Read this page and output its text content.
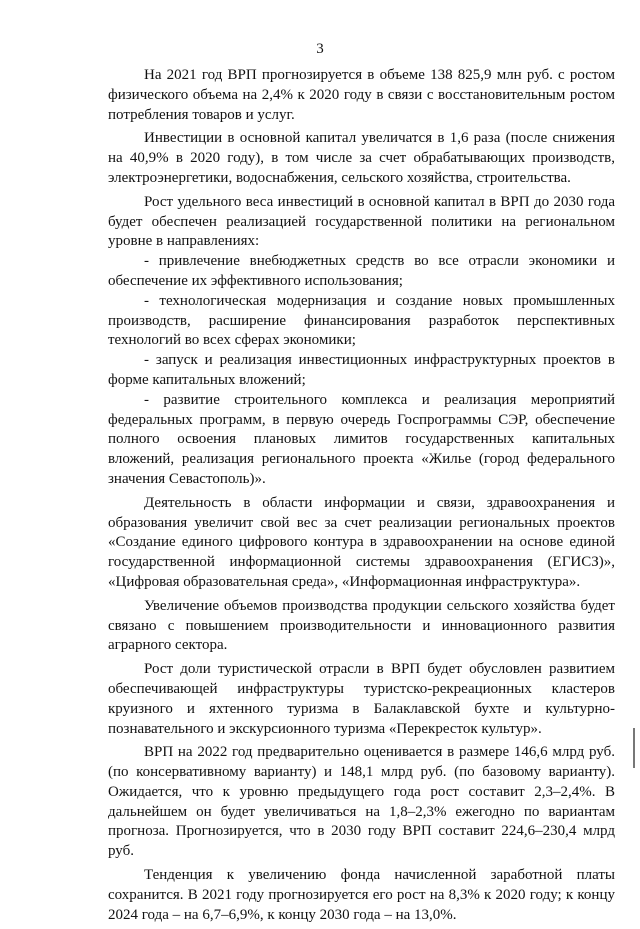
3

На 2021 год ВРП прогнозируется в объеме 138 825,9 млн руб. с ростом физического объема на 2,4% к 2020 году в связи с восстановительным ростом потребления товаров и услуг.

Инвестиции в основной капитал увеличатся в 1,6 раза (после снижения на 40,9% в 2020 году), в том числе за счет обрабатывающих производств, электроэнергетики, водоснабжения, сельского хозяйства, строительства.

Рост удельного веса инвестиций в основной капитал в ВРП до 2030 года будет обеспечен реализацией государственной политики на региональном уровне в направлениях:

- привлечение внебюджетных средств во все отрасли экономики и обеспечение их эффективного использования;

- технологическая модернизация и создание новых промышленных производств, расширение финансирования разработок перспективных технологий во всех сферах экономики;

- запуск и реализация инвестиционных инфраструктурных проектов в форме капитальных вложений;

- развитие строительного комплекса и реализация мероприятий федеральных программ, в первую очередь Госпрограммы СЭР, обеспечение полного освоения плановых лимитов государственных капитальных вложений, реализация регионального проекта «Жилье (город федерального значения Севастополь)».

Деятельность в области информации и связи, здравоохранения и образования увеличит свой вес за счет реализации региональных проектов «Создание единого цифрового контура в здравоохранении на основе единой государственной информационной системы здравоохранения (ЕГИСЗ)», «Цифровая образовательная среда», «Информационная инфраструктура».

Увеличение объемов производства продукции сельского хозяйства будет связано с повышением производительности и инновационного развития аграрного сектора.

Рост доли туристической отрасли в ВРП будет обусловлен развитием обеспечивающей инфраструктуры туристско-рекреационных кластеров круизного и яхтенного туризма в Балаклавской бухте и культурно-познавательного и экскурсионного туризма «Перекресток культур».

ВРП на 2022 год предварительно оценивается в размере 146,6 млрд руб. (по консервативному варианту) и 148,1 млрд руб. (по базовому варианту). Ожидается, что к уровню предыдущего года рост составит 2,3–2,4%. В дальнейшем он будет увеличиваться на 1,8–2,3% ежегодно по вариантам прогноза. Прогнозируется, что в 2030 году ВРП составит 224,6–230,4 млрд руб.

Тенденция к увеличению фонда начисленной заработной платы сохранится. В 2021 году прогнозируется его рост на 8,3% к 2020 году; к концу 2024 года – на 6,7–6,9%, к концу 2030 года – на 13,0%.
